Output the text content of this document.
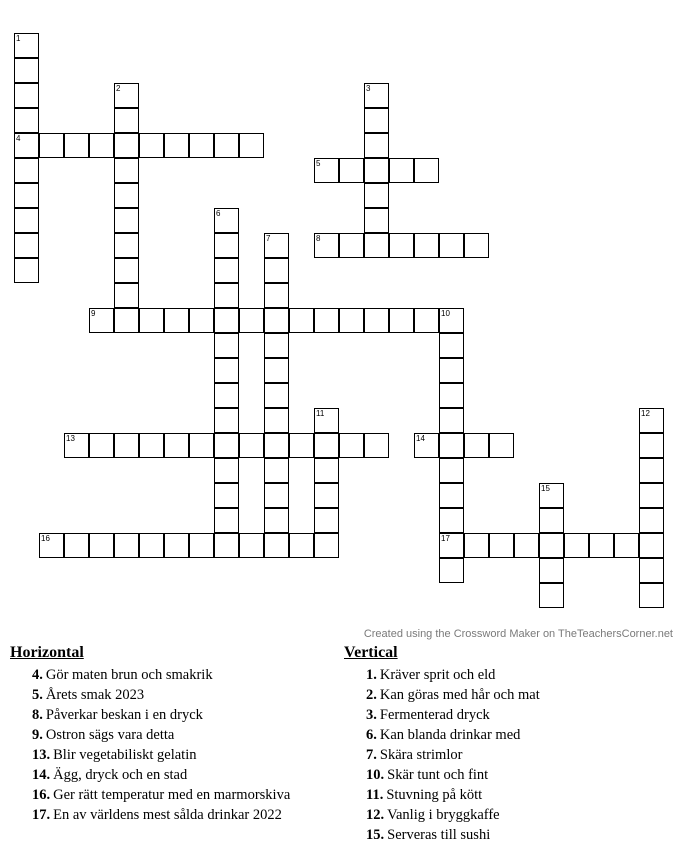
1
4
2	3
5
6
7	8
9	10
17
11	12
13	14
15
16
Created using the Crossword Maker on TheTeachersCorner.net
Horizontal
4. Gör maten brun och smakrik
5. Årets smak 2023
8. Påverkar beskan i en dryck
9. Ostron sägs vara detta
13. Blir vegetabiliskt gelatin
14. Ägg, dryck och en stad
16. Ger rätt temperatur med en marmorskiva
17. En av världens mest sålda drinkar 2022
Vertical
1. Kräver sprit och eld
2. Kan göras med hår och mat
3. Fermenterad dryck
6. Kan blanda drinkar med
7. Skära strimlor
10. Skär tunt och fint
11. Stuvning på kött
12. Vanlig i bryggkaffe
15. Serveras till sushi
